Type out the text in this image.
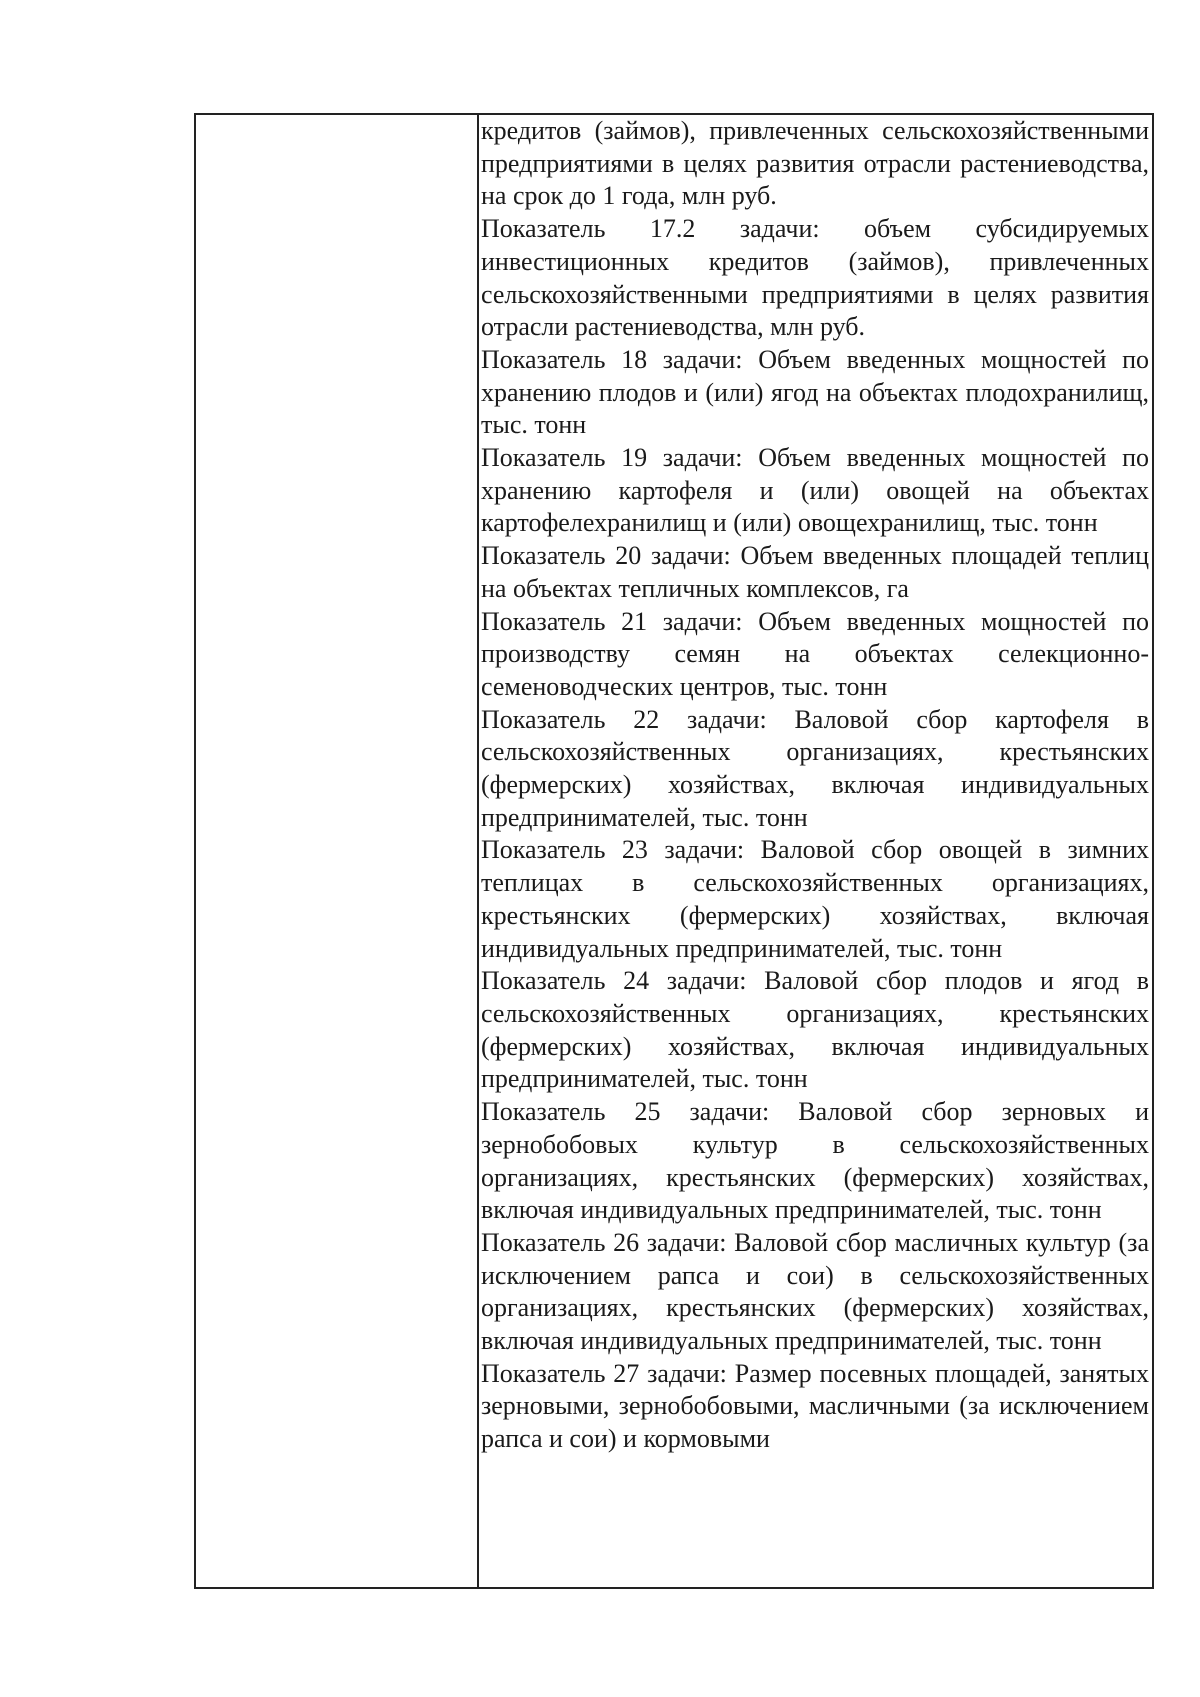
кредитов (займов), привлеченных сельскохозяйственными предприятиями в целях развития отрасли растениеводства, на срок до 1 года, млн руб.

Показатель 17.2 задачи: объем субсидируемых инвестиционных кредитов (займов), привлеченных сельскохозяйственными предприятиями в целях развития отрасли растениеводства, млн руб.

Показатель 18 задачи: Объем введенных мощностей по хранению плодов и (или) ягод на объектах плодохранилищ, тыс. тонн

Показатель 19 задачи: Объем введенных мощностей по хранению картофеля и (или) овощей на объектах картофелехранилищ и (или) овощехранилищ, тыс. тонн

Показатель 20 задачи: Объем введенных площадей теплиц на объектах тепличных комплексов, га

Показатель 21 задачи: Объем введенных мощностей по производству семян на объектах селекционно-семеноводческих центров, тыс. тонн

Показатель 22 задачи: Валовой сбор картофеля в сельскохозяйственных организациях, крестьянских (фермерских) хозяйствах, включая индивидуальных предпринимателей, тыс. тонн

Показатель 23 задачи: Валовой сбор овощей в зимних теплицах в сельскохозяйственных организациях, крестьянских (фермерских) хозяйствах, включая индивидуальных предпринимателей, тыс. тонн

Показатель 24 задачи: Валовой сбор плодов и ягод в сельскохозяйственных организациях, крестьянских (фермерских) хозяйствах, включая индивидуальных предпринимателей, тыс. тонн

Показатель 25 задачи: Валовой сбор зерновых и зернобобовых культур в сельскохозяйственных организациях, крестьянских (фермерских) хозяйствах, включая индивидуальных предпринимателей, тыс. тонн

Показатель 26 задачи: Валовой сбор масличных культур (за исключением рапса и сои) в сельскохозяйственных организациях, крестьянских (фермерских) хозяйствах, включая индивидуальных предпринимателей, тыс. тонн

Показатель 27 задачи: Размер посевных площадей, занятых зерновыми, зернобобовыми, масличными (за исключением рапса и сои) и кормовыми
